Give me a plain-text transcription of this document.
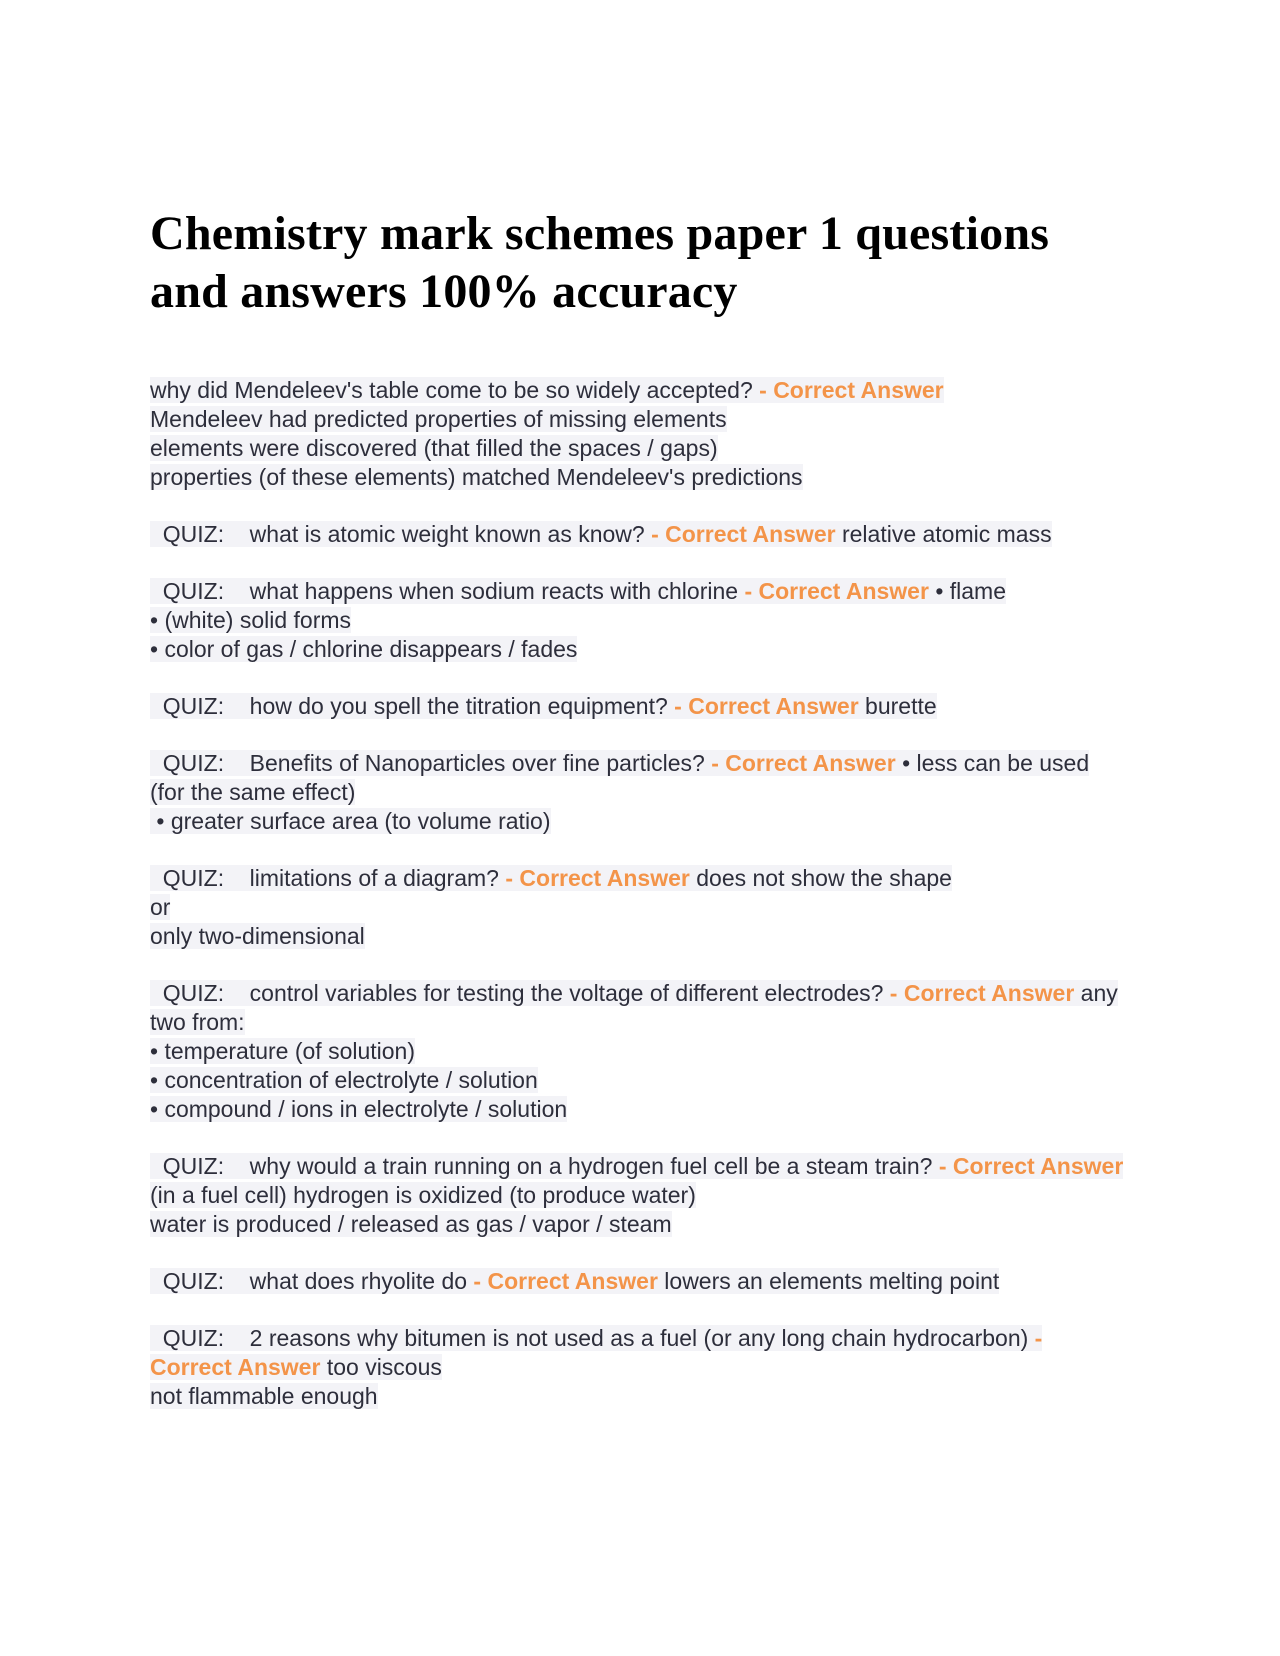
Chemistry mark schemes paper 1 questions and answers 100% accuracy
why did Mendeleev's table come to be so widely accepted? - Correct Answer
Mendeleev had predicted properties of missing elements
elements were discovered (that filled the spaces / gaps)
properties (of these elements) matched Mendeleev's predictions
QUIZ:    what is atomic weight known as know? - Correct Answer relative atomic mass
QUIZ:    what happens when sodium reacts with chlorine - Correct Answer • flame
• (white) solid forms
• color of gas / chlorine disappears / fades
QUIZ:    how do you spell the titration equipment? - Correct Answer burette
QUIZ:    Benefits of Nanoparticles over fine particles? - Correct Answer • less can be used (for the same effect)
• greater surface area (to volume ratio)
QUIZ:    limitations of a diagram? - Correct Answer does not show the shape
or
only two-dimensional
QUIZ:    control variables for testing the voltage of different electrodes? - Correct Answer any two from:
• temperature (of solution)
• concentration of electrolyte / solution
• compound / ions in electrolyte / solution
QUIZ:    why would a train running on a hydrogen fuel cell be a steam train? - Correct Answer (in a fuel cell) hydrogen is oxidized (to produce water)
water is produced / released as gas / vapor / steam
QUIZ:    what does rhyolite do - Correct Answer lowers an elements melting point
QUIZ:    2 reasons why bitumen is not used as a fuel (or any long chain hydrocarbon) - Correct Answer too viscous
not flammable enough
